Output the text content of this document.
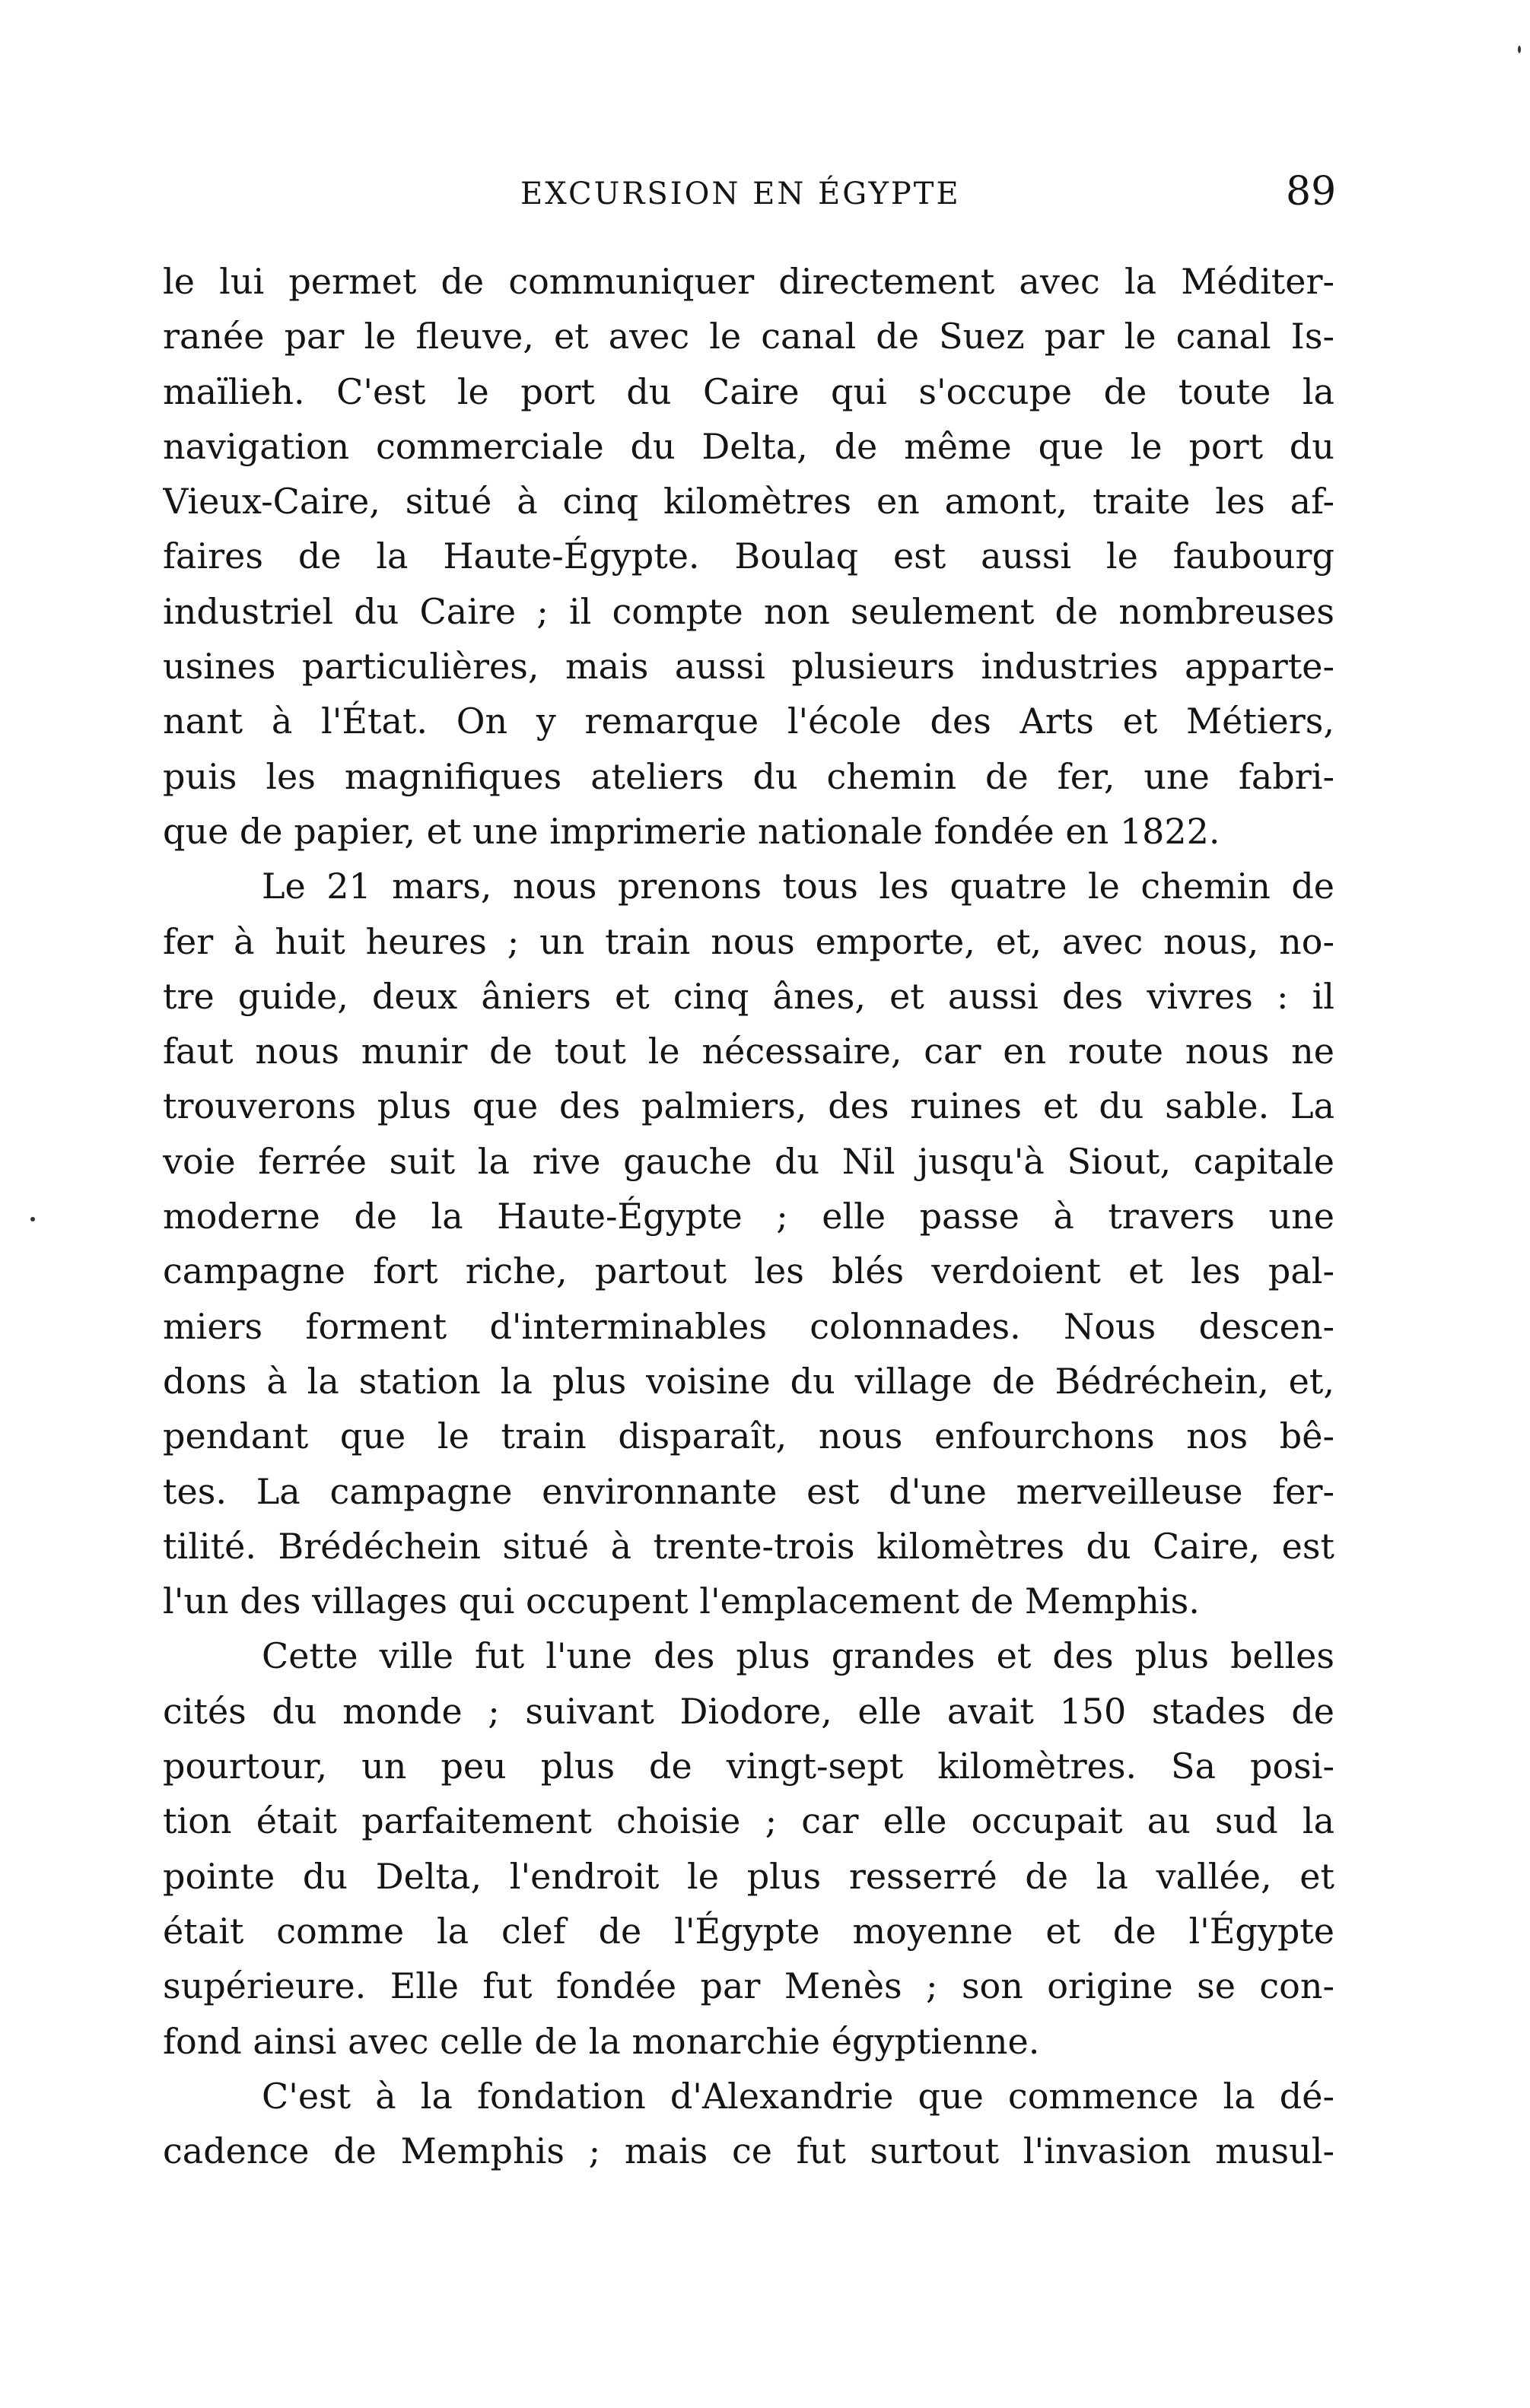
EXCURSION EN ÉGYPTE	89
le lui permet de communiquer directement avec la Méditer-
ranée par le fleuve, et avec le canal de Suez par le canal Is-
maïlieh. C'est le port du Caire qui s'occupe de toute la
navigation commerciale du Delta, de même que le port du
Vieux-Caire, situé à cinq kilomètres en amont, traite les af-
faires de la Haute-Égypte. Boulaq est aussi le faubourg
industriel du Caire ; il compte non seulement de nombreuses
usines particulières, mais aussi plusieurs industries apparte-
nant à l'État. On y remarque l'école des Arts et Métiers,
puis les magnifiques ateliers du chemin de fer, une fabri-
que de papier, et une imprimerie nationale fondée en 1822.
Le 21 mars, nous prenons tous les quatre le chemin de
fer à huit heures ; un train nous emporte, et, avec nous, no-
tre guide, deux âniers et cinq ânes, et aussi des vivres : il
faut nous munir de tout le nécessaire, car en route nous ne
trouverons plus que des palmiers, des ruines et du sable. La
voie ferrée suit la rive gauche du Nil jusqu'à Siout, capitale
moderne de la Haute-Égypte ; elle passe à travers une
campagne fort riche, partout les blés verdoient et les pal-
miers forment d'interminables colonnades. Nous descen-
dons à la station la plus voisine du village de Bédréchein, et,
pendant que le train disparaît, nous enfourchons nos bê-
tes. La campagne environnante est d'une merveilleuse fer-
tilité. Brédéchein situé à trente-trois kilomètres du Caire, est
l'un des villages qui occupent l'emplacement de Memphis.
Cette ville fut l'une des plus grandes et des plus belles
cités du monde ; suivant Diodore, elle avait 150 stades de
pourtour, un peu plus de vingt-sept kilomètres. Sa posi-
tion était parfaitement choisie ; car elle occupait au sud la
pointe du Delta, l'endroit le plus resserré de la vallée, et
était comme la clef de l'Égypte moyenne et de l'Égypte
supérieure. Elle fut fondée par Menès ; son origine se con-
fond ainsi avec celle de la monarchie égyptienne.
C'est à la fondation d'Alexandrie que commence la dé-
cadence de Memphis ; mais ce fut surtout l'invasion musul-
